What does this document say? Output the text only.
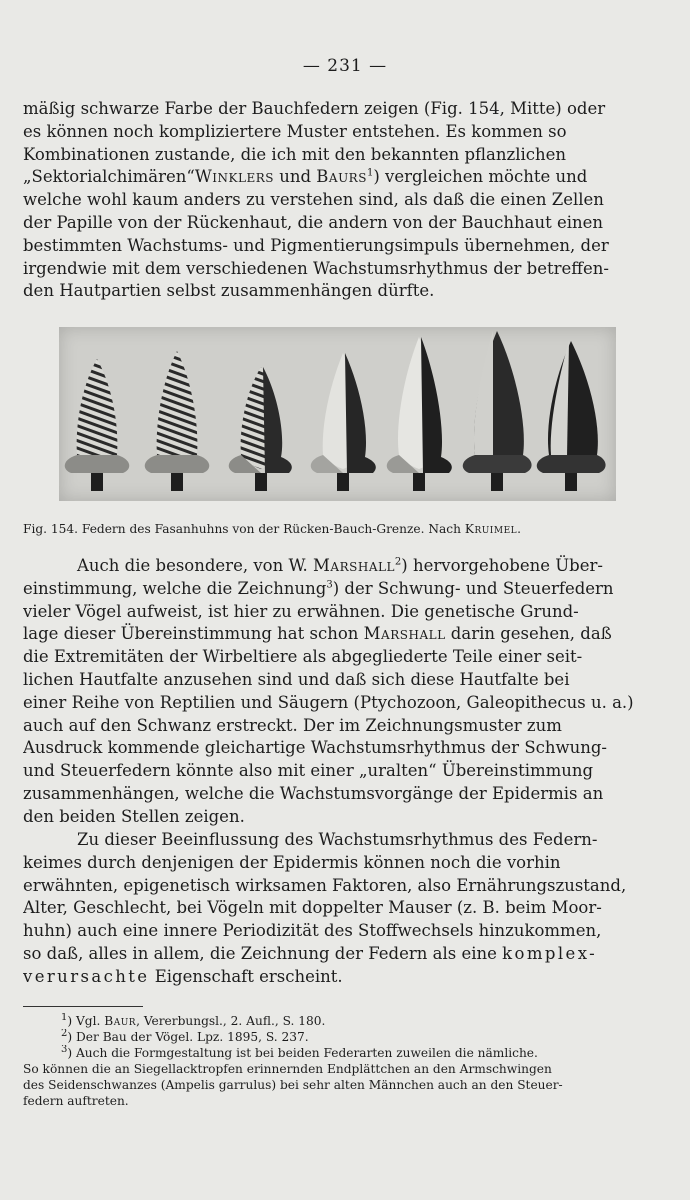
— 231 —
mäßig schwarze Farbe der Bauchfedern zeigen (Fig. 154, Mitte) oder
es können noch kompliziertere Muster entstehen. Es kommen so
Kombinationen zustande, die ich mit den bekannten pflanzlichen
„Sektorialchimären“Winklers und Baurs$^1$) vergleichen möchte und
welche wohl kaum anders zu verstehen sind, als daß die einen Zellen
der Papille von der Rückenhaut, die andern von der Bauchhaut einen
bestimmten Wachstums- und Pigmentierungsimpuls übernehmen, der
irgendwie mit dem verschiedenen Wachstumsrhythmus der betreffen-
den Hautpartien selbst zusammenhängen dürfte.
Fig. 154. Federn des Fasanhuhns von der Rücken-Bauch-Grenze. Nach Kruimel.
Auch die besondere, von W. Marshall$^2$) hervorgehobene Über-
einstimmung, welche die Zeichnung$^3$) der Schwung- und Steuerfedern
vieler Vögel aufweist, ist hier zu erwähnen. Die genetische Grund-
lage dieser Übereinstimmung hat schon Marshall darin gesehen, daß
die Extremitäten der Wirbeltiere als abgegliederte Teile einer seit-
lichen Hautfalte anzusehen sind und daß sich diese Hautfalte bei
einer Reihe von Reptilien und Säugern (Ptychozoon, Galeopithecus u. a.)
auch auf den Schwanz erstreckt. Der im Zeichnungsmuster zum
Ausdruck kommende gleichartige Wachstumsrhythmus der Schwung-
und Steuerfedern könnte also mit einer „uralten“ Übereinstimmung
zusammenhängen, welche die Wachstumsvorgänge der Epidermis an
den beiden Stellen zeigen.
Zu dieser Beeinflussung des Wachstumsrhythmus des Federn-
keimes durch denjenigen der Epidermis können noch die vorhin
erwähnten, epigenetisch wirksamen Faktoren, also Ernährungszustand,
Alter, Geschlecht, bei Vögeln mit doppelter Mauser (z. B. beim Moor-
huhn) auch eine innere Periodizität des Stoffwechsels hinzukommen,
so daß, alles in allem, die Zeichnung der Federn als eine komplex-
verursachte Eigenschaft erscheint.
$^1$) Vgl. Baur, Vererbungsl., 2. Aufl., S. 180.
$^2$) Der Bau der Vögel. Lpz. 1895, S. 237.
$^3$) Auch die Formgestaltung ist bei beiden Federarten zuweilen die nämliche.
So können die an Siegellacktropfen erinnernden Endplättchen an den Armschwingen
des Seidenschwanzes (Ampelis garrulus) bei sehr alten Männchen auch an den Steuer-
federn auftreten.
